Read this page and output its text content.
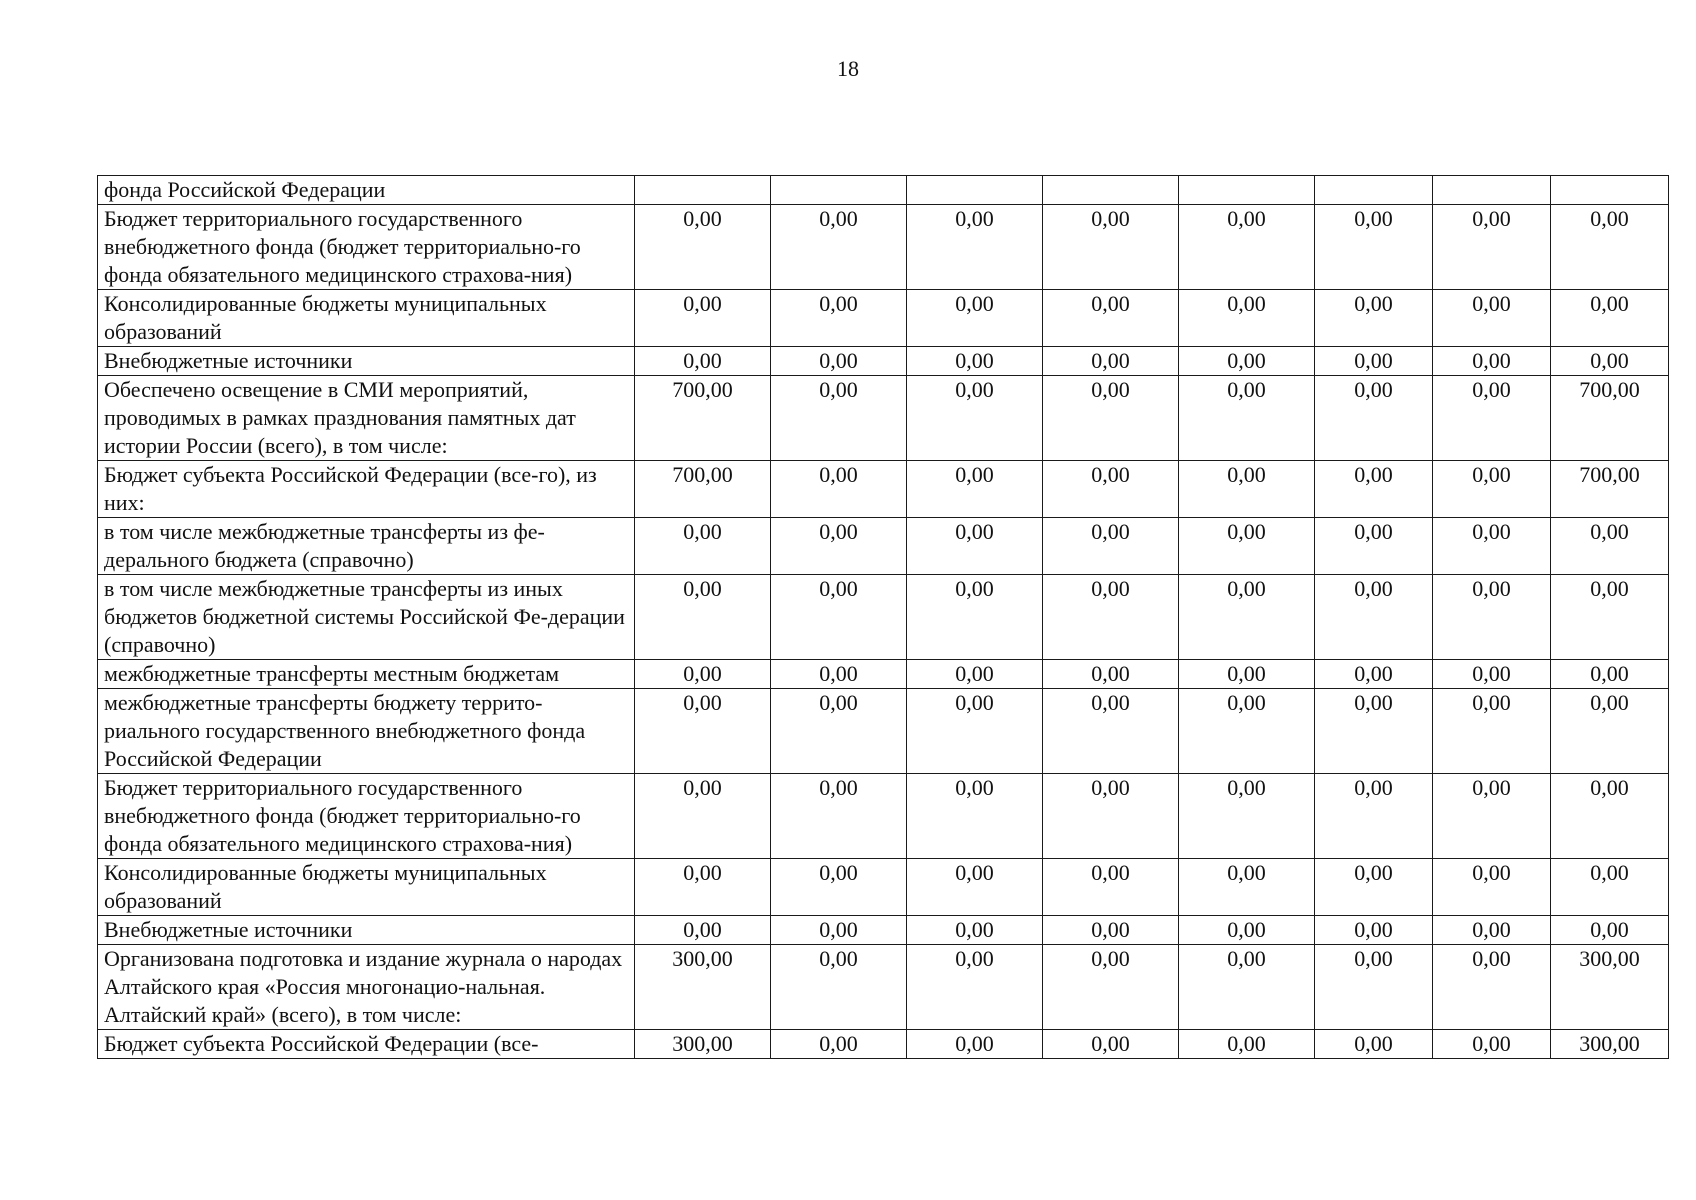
18
фонда Российской Федерации								
Бюджет территориального государственного внебюджетного фонда (бюджет территориально-го фонда обязательного медицинского страхова-ния)	0,00	0,00	0,00	0,00	0,00	0,00	0,00	0,00
Консолидированные бюджеты муниципальных образований	0,00	0,00	0,00	0,00	0,00	0,00	0,00	0,00
Внебюджетные источники	0,00	0,00	0,00	0,00	0,00	0,00	0,00	0,00
Обеспечено освещение в СМИ мероприятий, проводимых в рамках празднования памятных дат истории России (всего), в том числе:	700,00	0,00	0,00	0,00	0,00	0,00	0,00	700,00
Бюджет субъекта Российской Федерации (все-го), из них:	700,00	0,00	0,00	0,00	0,00	0,00	0,00	700,00
в том числе межбюджетные трансферты из фе-дерального бюджета (справочно)	0,00	0,00	0,00	0,00	0,00	0,00	0,00	0,00
в том числе межбюджетные трансферты из иных бюджетов бюджетной системы Российской Фе-дерации (справочно)	0,00	0,00	0,00	0,00	0,00	0,00	0,00	0,00
межбюджетные трансферты местным бюджетам	0,00	0,00	0,00	0,00	0,00	0,00	0,00	0,00
межбюджетные трансферты бюджету террито-риального государственного внебюджетного фонда Российской Федерации	0,00	0,00	0,00	0,00	0,00	0,00	0,00	0,00
Бюджет территориального государственного внебюджетного фонда (бюджет территориально-го фонда обязательного медицинского страхова-ния)	0,00	0,00	0,00	0,00	0,00	0,00	0,00	0,00
Консолидированные бюджеты муниципальных образований	0,00	0,00	0,00	0,00	0,00	0,00	0,00	0,00
Внебюджетные источники	0,00	0,00	0,00	0,00	0,00	0,00	0,00	0,00
Организована подготовка и издание журнала о народах Алтайского края «Россия многонацио-нальная. Алтайский край» (всего), в том числе:	300,00	0,00	0,00	0,00	0,00	0,00	0,00	300,00
Бюджет субъекта Российской Федерации (все-	300,00	0,00	0,00	0,00	0,00	0,00	0,00	300,00
